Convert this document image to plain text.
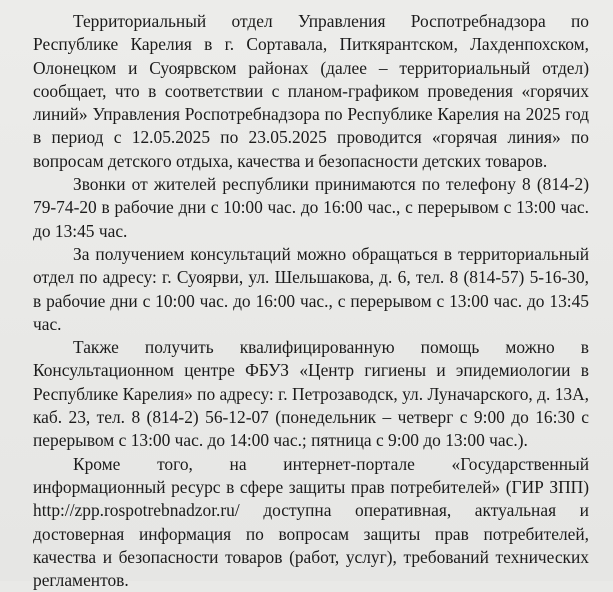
Территориальный отдел Управления Роспотребнадзора по Республике Карелия в г. Сортавала, Питкярантском, Лахденпохском, Олонецком и Суоярвском районах (далее – территориальный отдел) сообщает, что в соответствии с планом-графиком проведения «горячих линий» Управления Роспотребнадзора по Республике Карелия на 2025 год в период с 12.05.2025 по 23.05.2025 проводится «горячая линия» по вопросам детского отдыха, качества и безопасности детских товаров.

Звонки от жителей республики принимаются по телефону 8 (814-2) 79-74-20 в рабочие дни с 10:00 час. до 16:00 час., с перерывом с 13:00 час. до 13:45 час.

За получением консультаций можно обращаться в территориальный отдел по адресу: г. Суоярви, ул. Шельшакова, д. 6, тел. 8 (814-57) 5-16-30, в рабочие дни с 10:00 час. до 16:00 час., с перерывом с 13:00 час. до 13:45 час.

Также получить квалифицированную помощь можно в Консультационном центре ФБУЗ «Центр гигиены и эпидемиологии в Республике Карелия» по адресу: г. Петрозаводск, ул. Луначарского, д. 13А, каб. 23, тел. 8 (814-2) 56-12-07 (понедельник – четверг с 9:00 до 16:30 с перерывом с 13:00 час. до 14:00 час.; пятница с 9:00 до 13:00 час.).

Кроме того, на интернет-портале «Государственный информационный ресурс в сфере защиты прав потребителей» (ГИР ЗПП) http://zpp.rospotrebnadzor.ru/ доступна оперативная, актуальная и достоверная информация по вопросам защиты прав потребителей, качества и безопасности товаров (работ, услуг), требований технических регламентов.
